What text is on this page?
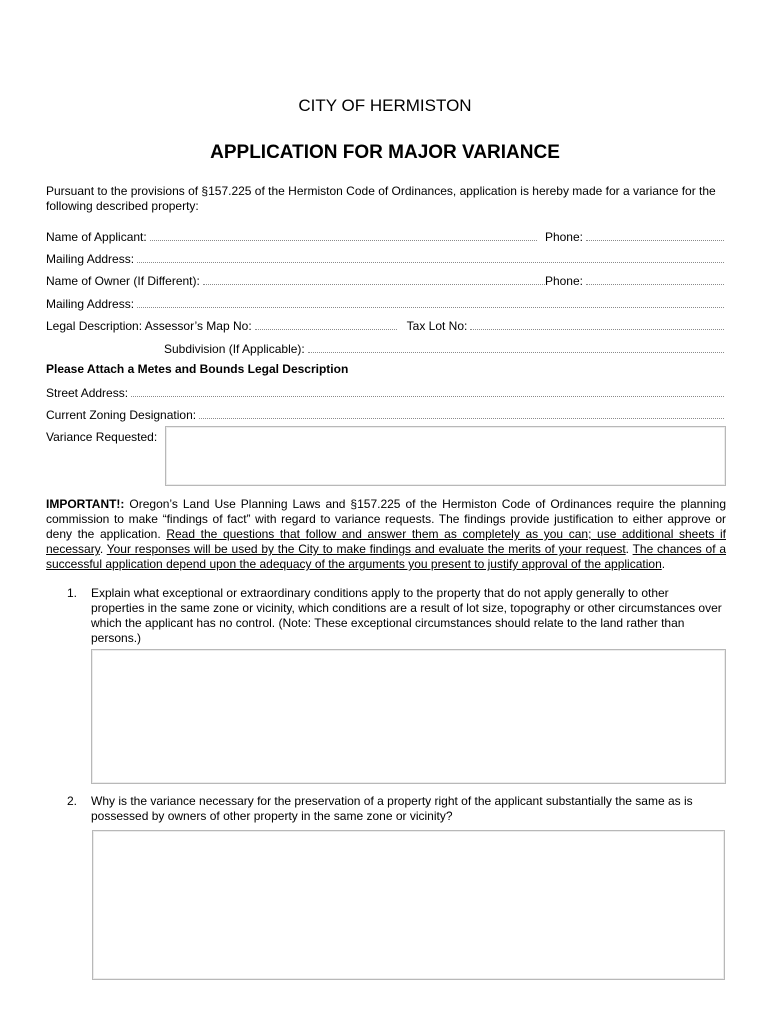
CITY OF HERMISTON
APPLICATION FOR MAJOR VARIANCE
Pursuant to the provisions of §157.225 of the Hermiston Code of Ordinances, application is hereby made for a variance for the following described property:
Name of Applicant:	Phone:
Mailing Address:
Name of Owner (If Different):	Phone:
Mailing Address:
Legal Description: Assessor’s Map No:	Tax Lot No:
Subdivision (If Applicable):
Please Attach a Metes and Bounds Legal Description
Street Address:
Current Zoning Designation:
Variance Requested:
IMPORTANT!: Oregon’s Land Use Planning Laws and §157.225 of the Hermiston Code of Ordinances require the planning commission to make “findings of fact” with regard to variance requests. The findings provide justification to either approve or deny the application. Read the questions that follow and answer them as completely as you can; use additional sheets if necessary. Your responses will be used by the City to make findings and evaluate the merits of your request. The chances of a successful application depend upon the adequacy of the arguments you present to justify approval of the application.
1. Explain what exceptional or extraordinary conditions apply to the property that do not apply generally to other properties in the same zone or vicinity, which conditions are a result of lot size, topography or other circumstances over which the applicant has no control. (Note: These exceptional circumstances should relate to the land rather than persons.)
2. Why is the variance necessary for the preservation of a property right of the applicant substantially the same as is possessed by owners of other property in the same zone or vicinity?
